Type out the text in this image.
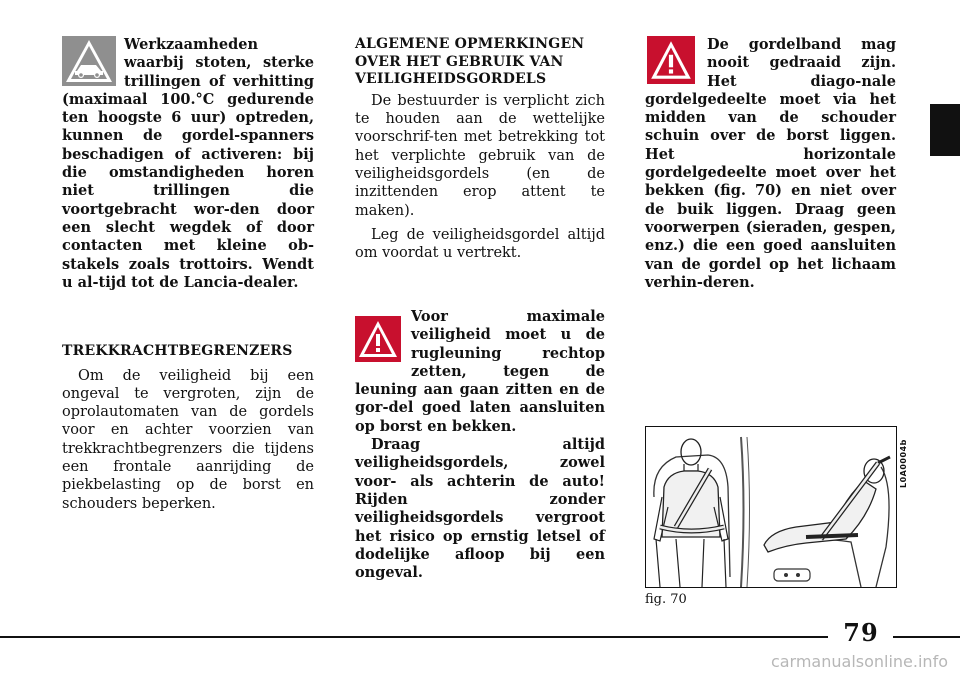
Werkzaamheden waarbij stoten, sterke trillingen of verhitting (maximaal 100.°C gedurende ten hoogste 6 uur) optreden, kunnen de gordel-spanners beschadigen of activeren: bij die omstandigheden horen niet trillingen die voortgebracht wor-den door een slecht wegdek of door contacten met kleine ob-stakels zoals trottoirs. Wendt u al-tijd tot de Lancia-dealer.

TREKKRACHTBEGRENZERS

Om de veiligheid bij een ongeval te vergroten, zijn de oprolautomaten van de gordels voor en achter voorzien van trekkrachtbegrenzers die tijdens een frontale aanrijding de piekbelasting op de borst en schouders beperken.

ALGEMENE OPMERKINGEN OVER HET GEBRUIK VAN VEILIGHEIDSGORDELS

De bestuurder is verplicht zich te houden aan de wettelijke voorschrif-ten met betrekking tot het verplichte gebruik van de veiligheidsgordels (en de inzittenden erop attent te maken).

Leg de veiligheidsgordel altijd om voordat u vertrekt.

Voor maximale veiligheid moet u de rugleuning rechtop zetten, tegen de leuning aan gaan zitten en de gor-del goed laten aansluiten op borst en bekken.

Draag altijd veiligheidsgordels, zowel voor- als achterin de auto! Rijden zonder veiligheidsgordels vergroot het risico op ernstig letsel of dodelijke afloop bij een ongeval.

De gordelband mag nooit gedraaid zijn. Het diago-nale gordelgedeelte moet via het midden van de schouder schuin over de borst liggen. Het horizontale gordelgedeelte moet over het bekken (fig. 70) en niet over de buik liggen. Draag geen voorwerpen (sieraden, gespen, enz.) die een goed aansluiten van de gordel op het lichaam verhin-deren.

L0A0004b
fig. 70
79
carmanualsonline.info
